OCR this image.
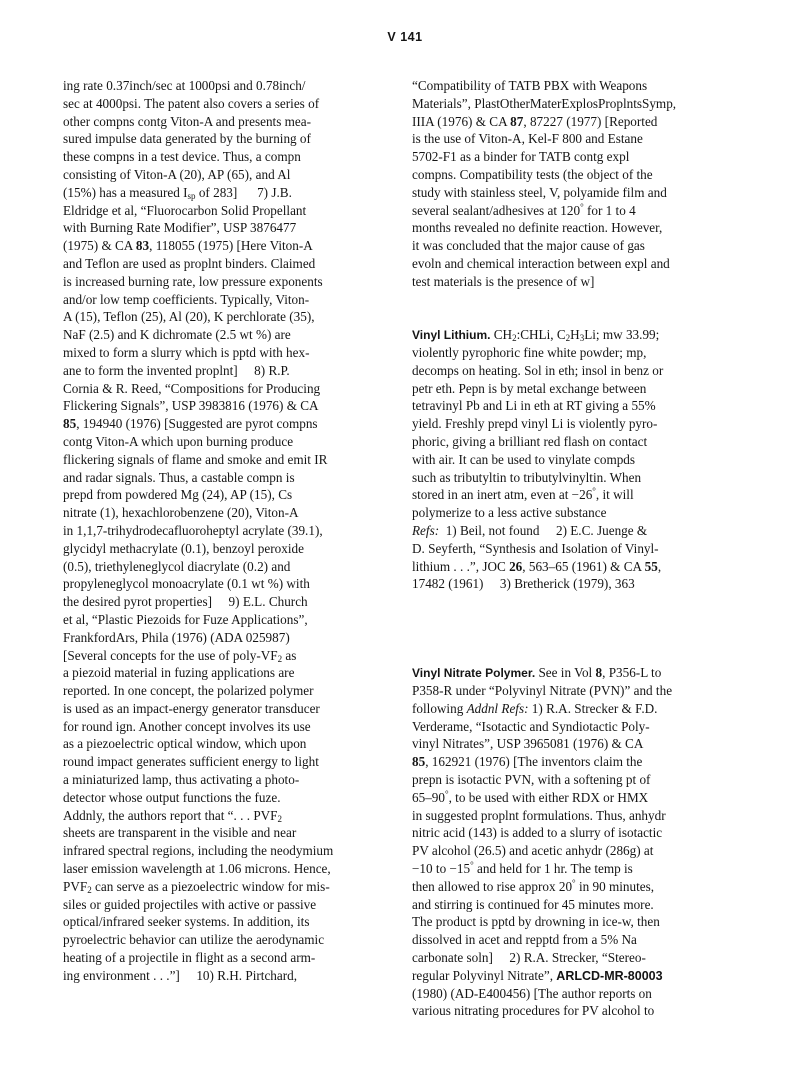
V 141
ing rate 0.37inch/sec at 1000psi and 0.78inch/
sec at 4000psi. The patent also covers a series of
other compns contg Viton-A and presents mea-
sured impulse data generated by the burning of
these compns in a test device. Thus, a compn
consisting of Viton-A (20), AP (65), and Al
(15%) has a measured $I_{sp}$ of 283] 7) J.B.
Eldridge et al, “Fluorocarbon Solid Propellant
with Burning Rate Modifier”, USP 3876477
(1975) & CA 83, 118055 (1975) [Here Viton-A
and Teflon are used as proplnt binders. Claimed
is increased burning rate, low pressure exponents
and/or low temp coefficients. Typically, Viton-
A (15), Teflon (25), Al (20), K perchlorate (35),
NaF (2.5) and K dichromate (2.5 wt %) are
mixed to form a slurry which is pptd with hex-
ane to form the invented proplnt] 8) R.P.
Cornia & R. Reed, “Compositions for Producing
Flickering Signals”, USP 3983816 (1976) & CA
85, 194940 (1976) [Suggested are pyrot compns
contg Viton-A which upon burning produce
flickering signals of flame and smoke and emit IR
and radar signals. Thus, a castable compn is
prepd from powdered Mg (24), AP (15), Cs
nitrate (1), hexachlorobenzene (20), Viton-A
in 1,1,7-trihydrodecafluoroheptyl acrylate (39.1),
glycidyl methacrylate (0.1), benzoyl peroxide
(0.5), triethyleneglycol diacrylate (0.2) and
propyleneglycol monoacrylate (0.1 wt %) with
the desired pyrot properties] 9) E.L. Church
et al, “Plastic Piezoids for Fuze Applications”,
FrankfordArs, Phila (1976) (ADA 025987)
[Several concepts for the use of poly-$VF_2$ as
a piezoid material in fuzing applications are
reported. In one concept, the polarized polymer
is used as an impact-energy generator transducer
for round ign. Another concept involves its use
as a piezoelectric optical window, which upon
round impact generates sufficient energy to light
a miniaturized lamp, thus activating a photo-
detector whose output functions the fuze.
Addnly, the authors report that “. . . $PVF_2$
sheets are transparent in the visible and near
infrared spectral regions, including the neodymium
laser emission wavelength at 1.06 microns. Hence,
$PVF_2$ can serve as a piezoelectric window for mis-
siles or guided projectiles with active or passive
optical/infrared seeker systems. In addition, its
pyroelectric behavior can utilize the aerodynamic
heating of a projectile in flight as a second arm-
ing environment . . .”] 10) R.H. Pirtchard,
“Compatibility of TATB PBX with Weapons
Materials”, PlastOtherMaterExplosProplntsSymp,
IIIA (1976) & CA 87, 87227 (1977) [Reported
is the use of Viton-A, Kel-F 800 and Estane
5702-F1 as a binder for TATB contg expl
compns. Compatibility tests (the object of the
study with stainless steel, V, polyamide film and
several sealant/adhesives at 120° for 1 to 4
months revealed no definite reaction. However,
it was concluded that the major cause of gas
evoln and chemical interaction between expl and
test materials is the presence of w]
Vinyl Lithium. $CH_2:CHLi$, $C_2H_3Li$; mw 33.99;
violently pyrophoric fine white powder; mp,
decomps on heating. Sol in eth; insol in benz or
petr eth. Pepn is by metal exchange between
tetravinyl Pb and Li in eth at RT giving a 55%
yield. Freshly prepd vinyl Li is violently pyro-
phoric, giving a brilliant red flash on contact
with air. It can be used to vinylate compds
such as tributyltin to tributylvinyltin. When
stored in an inert atm, even at −26°, it will
polymerize to a less active substance
Refs: 1) Beil, not found 2) E.C. Juenge &
D. Seyferth, “Synthesis and Isolation of Vinyl-
lithium . . .”, JOC 26, 563–65 (1961) & CA 55,
17482 (1961) 3) Bretherick (1979), 363
Vinyl Nitrate Polymer. See in Vol 8, P356-L to
P358-R under “Polyvinyl Nitrate (PVN)” and the
following Addnl Refs: 1) R.A. Strecker & F.D.
Verderame, “Isotactic and Syndiotactic Poly-
vinyl Nitrates”, USP 3965081 (1976) & CA
85, 162921 (1976) [The inventors claim the
prepn is isotactic PVN, with a softening pt of
65–90°, to be used with either RDX or HMX
in suggested proplnt formulations. Thus, anhydr
nitric acid (143) is added to a slurry of isotactic
PV alcohol (26.5) and acetic anhydr (286g) at
−10 to −15° and held for 1 hr. The temp is
then allowed to rise approx 20° in 90 minutes,
and stirring is continued for 45 minutes more.
The product is pptd by drowning in ice-w, then
dissolved in acet and repptd from a 5% Na
carbonate soln] 2) R.A. Strecker, “Stereo-
regular Polyvinyl Nitrate”, ARLCD-MR-80003
(1980) (AD-E400456) [The author reports on
various nitrating procedures for PV alcohol to
